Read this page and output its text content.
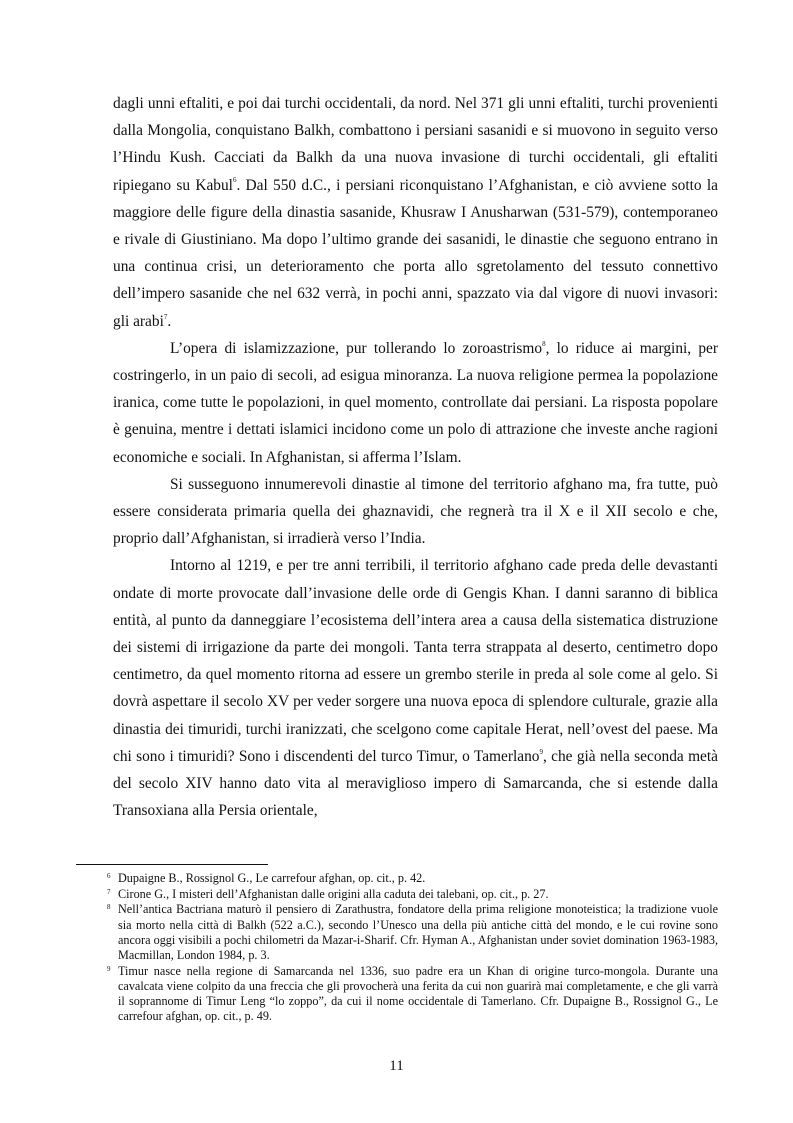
dagli unni eftaliti, e poi dai turchi occidentali, da nord. Nel 371 gli unni eftaliti, turchi provenienti dalla Mongolia, conquistano Balkh, combattono i persiani sasanidi e si muovono in seguito verso l’Hindu Kush. Cacciati da Balkh da una nuova invasione di turchi occidentali, gli eftaliti ripiegano su Kabul$^6$. Dal 550 d.C., i persiani riconquistano l’Afghanistan, e ciò avviene sotto la maggiore delle figure della dinastia sasanide, Khusraw I Anusharwan (531-579), contemporaneo e rivale di Giustiniano. Ma dopo l’ultimo grande dei sasanidi, le dinastie che seguono entrano in una continua crisi, un deterioramento che porta allo sgretolamento del tessuto connettivo dell’impero sasanide che nel 632 verrà, in pochi anni, spazzato via dal vigore di nuovi invasori: gli arabi$^7$.

L’opera di islamizzazione, pur tollerando lo zoroastrismo$^8$, lo riduce ai margini, per costringerlo, in un paio di secoli, ad esigua minoranza. La nuova religione permea la popolazione iranica, come tutte le popolazioni, in quel momento, controllate dai persiani. La risposta popolare è genuina, mentre i dettati islamici incidono come un polo di attrazione che investe anche ragioni economiche e sociali. In Afghanistan, si afferma l’Islam.

Si susseguono innumerevoli dinastie al timone del territorio afghano ma, fra tutte, può essere considerata primaria quella dei ghaznavidi, che regnerà tra il X e il XII secolo e che, proprio dall’Afghanistan, si irradierà verso l’India.

Intorno al 1219, e per tre anni terribili, il territorio afghano cade preda delle devastanti ondate di morte provocate dall’invasione delle orde di Gengis Khan. I danni saranno di biblica entità, al punto da danneggiare l’ecosistema dell’intera area a causa della sistematica distruzione dei sistemi di irrigazione da parte dei mongoli. Tanta terra strappata al deserto, centimetro dopo centimetro, da quel momento ritorna ad essere un grembo sterile in preda al sole come al gelo. Si dovrà aspettare il secolo XV per veder sorgere una nuova epoca di splendore culturale, grazie alla dinastia dei timuridi, turchi iranizzati, che scelgono come capitale Herat, nell’ovest del paese. Ma chi sono i timuridi? Sono i discendenti del turco Timur, o Tamerlano$^9$, che già nella seconda metà del secolo XIV hanno dato vita al meraviglioso impero di Samarcanda, che si estende dalla Transoxiana alla Persia orientale,

6 Dupaigne B., Rossignol G., Le carrefour afghan, op. cit., p. 42.
7 Cirone G., I misteri dell’Afghanistan dalle origini alla caduta dei talebani, op. cit., p. 27.
8 Nell’antica Bactriana maturò il pensiero di Zarathustra, fondatore della prima religione monoteistica; la tradizione vuole sia morto nella città di Balkh (522 a.C.), secondo l’Unesco una della più antiche città del mondo, e le cui rovine sono ancora oggi visibili a pochi chilometri da Mazar-i-Sharif. Cfr. Hyman A., Afghanistan under soviet domination 1963-1983, Macmillan, London 1984, p. 3.
9 Timur nasce nella regione di Samarcanda nel 1336, suo padre era un Khan di origine turco-mongola. Durante una cavalcata viene colpito da una freccia che gli provocherà una ferita da cui non guarirà mai completamente, e che gli varrà il soprannome di Timur Leng “lo zoppo”, da cui il nome occidentale di Tamerlano. Cfr. Dupaigne B., Rossignol G., Le carrefour afghan, op. cit., p. 49.
11
